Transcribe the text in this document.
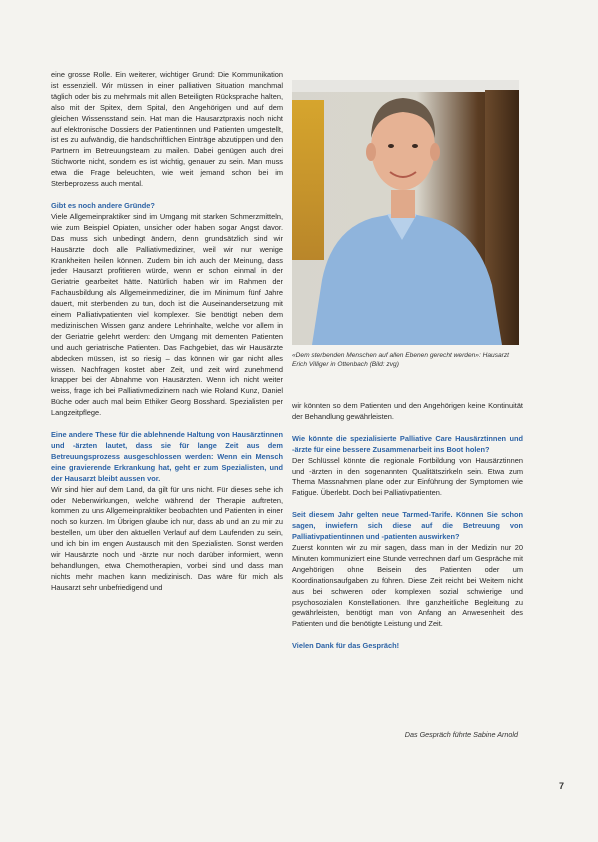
eine grosse Rolle. Ein weiterer, wichtiger Grund: Die Kommunikation ist essenziell. Wir müssen in einer palliativen Situation manchmal täglich oder bis zu mehrmals mit allen Beteiligten Rücksprache halten, also mit der Spitex, dem Spital, den Angehörigen und auf dem gleichen Wissensstand sein. Hat man die Hausarztpraxis noch nicht auf elektronische Dossiers der Patientinnen und Patienten umgestellt, ist es zu aufwändig, die handschriftlichen Einträge abzutippen und den Partnern im Betreuungsteam zu mailen. Dabei genügen auch drei Stichworte nicht, sondern es ist wichtig, genauer zu sein. Man muss etwa die Frage beleuchten, wie weit jemand schon bei im Sterbeprozess auch mental.

Gibt es noch andere Gründe?

Viele Allgemeinpraktiker sind im Umgang mit starken Schmerzmitteln, wie zum Beispiel Opiaten, unsicher oder haben sogar Angst davor. Das muss sich unbedingt ändern, denn grundsätzlich sind wir Hausärzte doch alle Palliativmediziner, weil wir nur wenige Krankheiten heilen können. Zudem bin ich auch der Meinung, dass jeder Hausarzt profitieren würde, wenn er schon einmal in der Geriatrie gearbeitet hätte. Natürlich haben wir im Rahmen der Fachausbildung als Allgemeinmediziner, die im Minimum fünf Jahre dauert, mit sterbenden zu tun, doch ist die Auseinandersetzung mit einem Palliativpatienten viel komplexer. Sie benötigt neben dem medizinischen Wissen ganz andere Lehrinhalte, welche vor allem in der Geriatrie gelehrt werden: den Umgang mit dementen Patienten und auch geriatrische Patienten. Das Fachgebiet, das wir Hausärzte abdecken müssen, ist so riesig – das können wir gar nicht alles wissen. Nachfragen kostet aber Zeit, und zeit wird zunehmend knapper bei der Abnahme von Hausärzten. Wenn ich nicht weiter weiss, frage ich bei Palliativmedizinern nach wie Roland Kunz, Daniel Büche oder auch mal beim Ethiker Georg Bosshard. Spezialisten per Langzeitpflege.

Eine andere These für die ablehnende Haltung von Hausärztinnen und -ärzten lautet, dass sie für lange Zeit aus dem Betreuungsprozess ausgeschlossen werden: Wenn ein Mensch eine gravierende Erkrankung hat, geht er zum Spezialisten, und der Hausarzt bleibt aussen vor.

Wir sind hier auf dem Land, da gilt für uns nicht. Für dieses sehe ich oder Nebenwirkungen, welche während der Therapie auftreten, kommen zu uns Allgemeinpraktiker beobachten und Patienten in einer noch so kurzen. Im Übrigen glaube ich nur, dass ab und an zu mir zu bestellen, um über den aktuellen Verlauf auf dem Laufenden zu sein, und ich bin im engen Austausch mit den Spezialisten. Sonst werden wir Hausärzte noch und -ärzte nur noch darüber informiert, wenn behandlungen, etwa Chemotherapien, vorbei sind und dass man nichts mehr machen kann medizinisch. Das wäre für mich als Hausarzt sehr unbefriedigend und

«Dem sterbenden Menschen auf allen Ebenen gerecht werden»: Hausarzt Erich Villiger in Ottenbach (Bild: zvg)

wir könnten so dem Patienten und den Angehörigen keine Kontinuität der Behandlung gewährleisten.

Wie könnte die spezialisierte Palliative Care Hausärztinnen und -ärzte für eine bessere Zusammenarbeit ins Boot holen?

Der Schlüssel könnte die regionale Fortbildung von Hausärztinnen und -ärzten in den sogenannten Qualitätszirkeln sein. Etwa zum Thema Massnahmen plane oder zur Einführung der Symptomen wie Fatigue. Überlebt. Doch bei Palliativpatienten.

Seit diesem Jahr gelten neue Tarmed-Tarife. Können Sie schon sagen, inwiefern sich diese auf die Betreuung von Palliativpatientinnen und -patienten auswirken?

Zuerst konnten wir zu mir sagen, dass man in der Medizin nur 20 Minuten kommuniziert eine Stunde verrechnen darf um Gespräche mit Angehörigen ohne Beisein des Patienten oder um Koordinationsaufgaben zu führen. Diese Zeit reicht bei Weitem nicht aus bei schweren oder komplexen sozial schwierige und psychosozialen Konstellationen. Ihre ganzheitliche Begleitung zu gewährleisten, benötigt man von Anfang an Anwesenheit des Patienten und die benötigte Leistung und Zeit.

Vielen Dank für das Gespräch!

Das Gespräch führte Sabine Arnold
7
